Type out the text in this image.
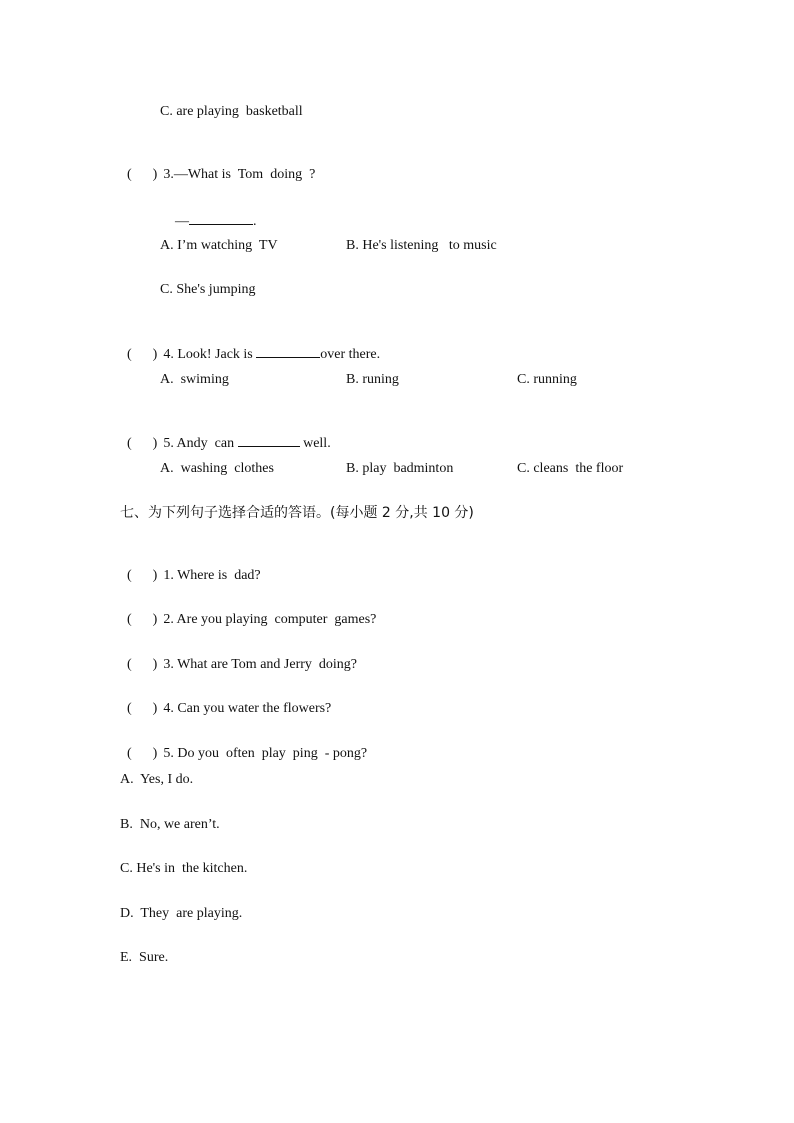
C. are playing  basketball

(      ) 3.—What is  Tom  doing  ?

—	.

A. I’m watching  TV	B. He's listening   to music
C. She's jumping

(      ) 4. Look! Jack is	over there.

A.  swiming	B. runing	C. running

(      ) 5. Andy  can	well.

A.  washing  clothes	B. play  badminton	C. cleans  the floor
七、为下列句子选择合适的答语。(每小题 2 分,共 10 分)

(      ) 1. Where is  dad?

(      ) 2. Are you playing  computer  games?

(      ) 3. What are Tom and Jerry  doing?

(      ) 4. Can you water the flowers?

(      ) 5. Do you  often  play  ping  - pong?

A.  Yes, I do.
B.  No, we aren’t.
C. He's in  the kitchen.
D.  They  are playing.
E.  Sure.
